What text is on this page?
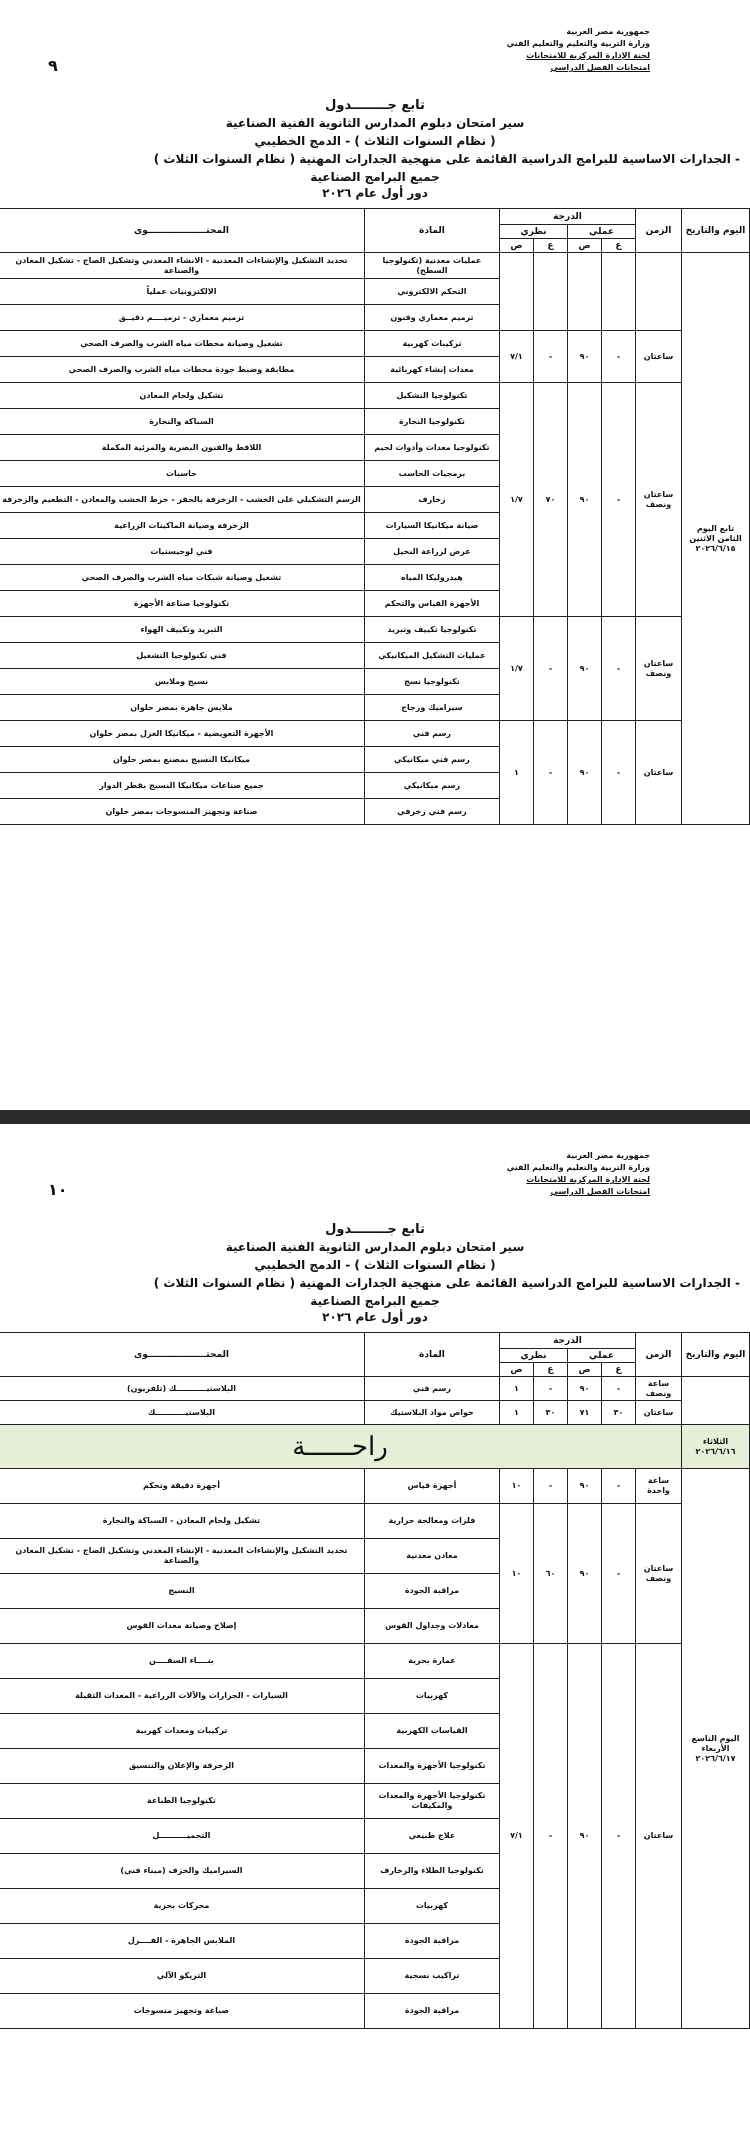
جمهورية مصر العربية
وزارة التربية والتعليم والتعليم الفني
لجنة الإدارة المركزية للامتحانات
امتحانات الفصل الدراسي
٩
تابع جــــــــدول
سير امتحان دبلوم المدارس الثانوية الفنية الصناعية
( نظام السنوات الثلاث ) - الدمج الخطيبي
- الجدارات الاساسية للبرامج الدراسية القائمة على منهجية الجدارات المهنية ( نظام السنوات الثلاث )
جميع البرامج الصناعية
دور أول عام ٢٠٢٦
اليوم والتاريخ	الزمن	الدرجة				المادة	المحتـــــــــــــــــــوى
		عملي		نظري			
		ع	ص	ع	ص		
تابع اليوم الثامن الاثنين ٢٠٢٦/٦/١٥						عمليات معدنية (تكنولوجيا السطح)	تحديد التشكيل والإنشاءات المعدنية - الانشاء المعدني وتشكيل الصاج - تشكيل المعادن والصناعة
						التحكم الالكتروني	الالكترونيات عملياً
						ترميم معماري وفنون	ترميم معماري - ترميــــم دقيــق
	ساعتان	-	٩٠	-	٧/١	تركيبات كهربية	تشغيل وصيانة محطات مياه الشرب والصرف الصحي
						معدات إنشاء كهربائية	مطابقة وضبط جودة محطات مياه الشرب والصرف الصحي
	ساعتان ونصف	-	٩٠	٧٠	١/٧	تكنولوجيا التشكيل	تشكيل ولحام المعادن
						تكنولوجيا النجارة	السباكة والنجارة
						تكنولوجيا معدات وأدوات لحيم	اللاقط والفنون البصرية والمرئية المكملة
						برمجيات الحاسب	حاسبات
						زخارف	الرسم التشكيلي على الخشب - الزخرفة بالحفر - خرط الخشب والمعادن - التطعيم والزخرفة
						صيانة ميكانيكا السيارات	الزخرفة وصيانة الماكينات الزراعية
						عرض لزراعة النخيل	فني لوجيستيات
						هيدروليكا المياه	تشغيل وصيانة شبكات مياه الشرب والصرف الصحي
						الأجهزة القياس والتحكم	تكنولوجيا صناعة الأجهزة
	ساعتان ونصف	-	٩٠	-	١/٧	تكنولوجيا تكييف وتبريد	التبريد وتكييف الهواء
						عمليات التشكيل الميكانيكي	فني تكنولوجيا التشغيل
						تكنولوجيا نسج	نسيج وملابس
						سيراميك وزجاج	ملابس جاهزة بمصر حلوان
	ساعتان	-	٩٠	-	١	رسم فني	الأجهزة التعويضية - ميكانيكا الغزل بمصر حلوان
						رسم فني ميكانيكي	ميكانيكا النسيج بمصنع بمصر حلوان
						رسم ميكانيكي	جميع صناعات ميكانيكا النسيج بقطر الدوار
						رسم فني زخرفي	صناعة وتجهيز المنسوجات بمصر حلوان
جمهورية مصر العربية
وزارة التربية والتعليم والتعليم الفني
لجنة الإدارة المركزية للامتحانات
امتحانات الفصل الدراسي
١٠
تابع جــــــــدول
سير امتحان دبلوم المدارس الثانوية الفنية الصناعية
( نظام السنوات الثلاث ) - الدمج الخطيبي
- الجدارات الاساسية للبرامج الدراسية القائمة على منهجية الجدارات المهنية ( نظام السنوات الثلاث )
جميع البرامج الصناعية
دور أول عام ٢٠٢٦
اليوم والتاريخ	الزمن	الدرجة				المادة	المحتـــــــــــــــــــوى
		عملي		نظري			
		ع	ص	ع	ص		
	ساعة ونصف	-	٩٠	-	١	رسم فني	البلاستيـــــــــــك (تلفزيون)
	ساعتان	٣٠	٧١	٣٠	١	خواص مواد البلاستيك	البلاستيـــــــــــك
الثلاثاء ٢٠٢٦/٦/١٦	راحــــــة						
اليوم التاسع الأربعاء ٢٠٢٦/٦/١٧	ساعة واحدة	-	٩٠	-	١٠	أجهزة قياس	أجهزة دقيقة وتحكم
	ساعتان ونصف	-	٩٠	٦٠	١٠	فلزات ومعالجة حرارية	تشكيل ولحام المعادن - السباكة والنجارة
						معادن معدنية	تحديد التشكيل والإنشاءات المعدنية - الإنشاء المعدني وتشكيل الصاج - تشكيل المعادن والصناعة
						مراقبة الجودة	النسيج
						معادلات وجداول القوس	إصلاح وصيانة معدات القوس
	ساعتان	-	٩٠	-	٧/١	عمارة بحرية	بنــــاء السفــــن
						كهربيات	السيارات - الجرارات والآلات الزراعية - المعدات الثقيلة
						القياسات الكهربية	تركيبات ومعدات كهربية
						تكنولوجيا الأجهزة والمعدات	الزخرفة والإعلان والتنسيق
						تكنولوجيا الأجهزة والمعدات والمكيفات	تكنولوجيا الطباعة
						علاج طبيعي	التجميــــــــــل
						تكنولوجيا الطلاء والزخارف	السيراميك والخزف (ميناء فني)
						كهربيات	محركات بحرية
						مراقبة الجودة	الملابس الجاهزة - الفــــزل
						تراكيب نسجية	التريكو الآلي
						مراقبة الجودة	صباغة وتجهيز منسوجات
